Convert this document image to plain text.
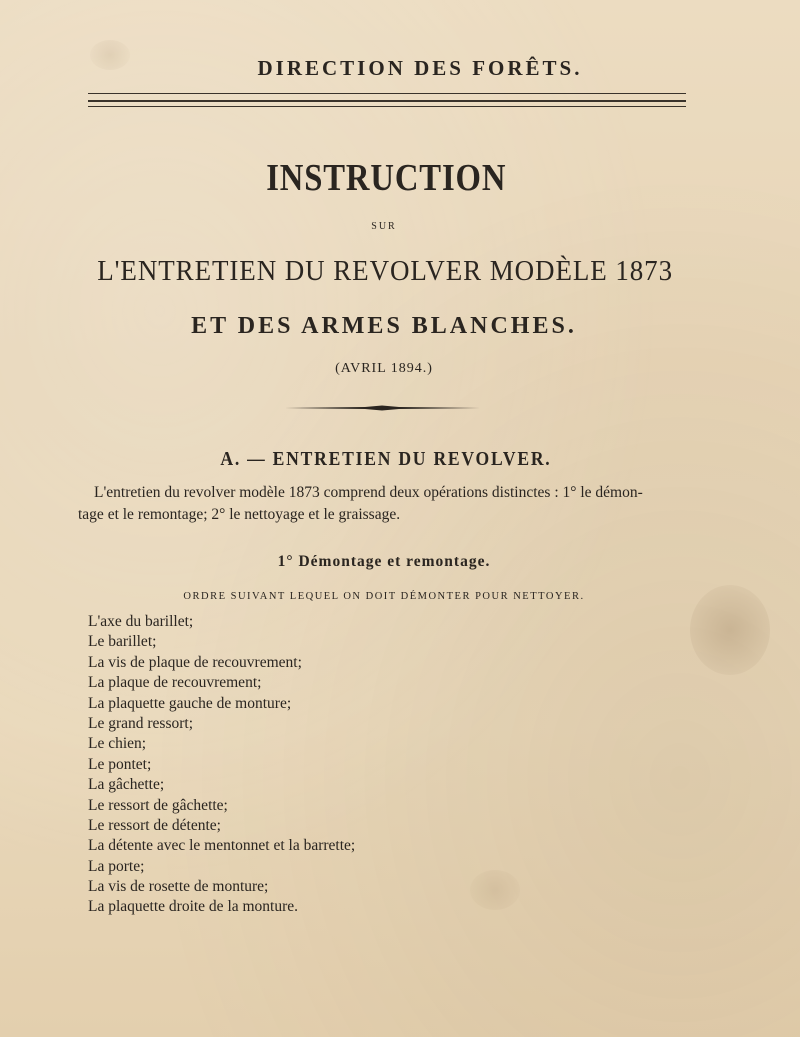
DIRECTION DES FORÊTS.
INSTRUCTION
SUR
L'ENTRETIEN DU REVOLVER MODÈLE 1873
ET DES ARMES BLANCHES.
(AVRIL 1894.)
A. — ENTRETIEN DU REVOLVER.
L'entretien du revolver modèle 1873 comprend deux opérations distinctes : 1° le démon-
tage et le remontage; 2° le nettoyage et le graissage.
1° Démontage et remontage.
ORDRE SUIVANT LEQUEL ON DOIT DÉMONTER POUR NETTOYER.
L'axe du barillet;
Le barillet;
La vis de plaque de recouvrement;
La plaque de recouvrement;
La plaquette gauche de monture;
Le grand ressort;
Le chien;
Le pontet;
La gâchette;
Le ressort de gâchette;
Le ressort de détente;
La détente avec le mentonnet et la barrette;
La porte;
La vis de rosette de monture;
La plaquette droite de la monture.
